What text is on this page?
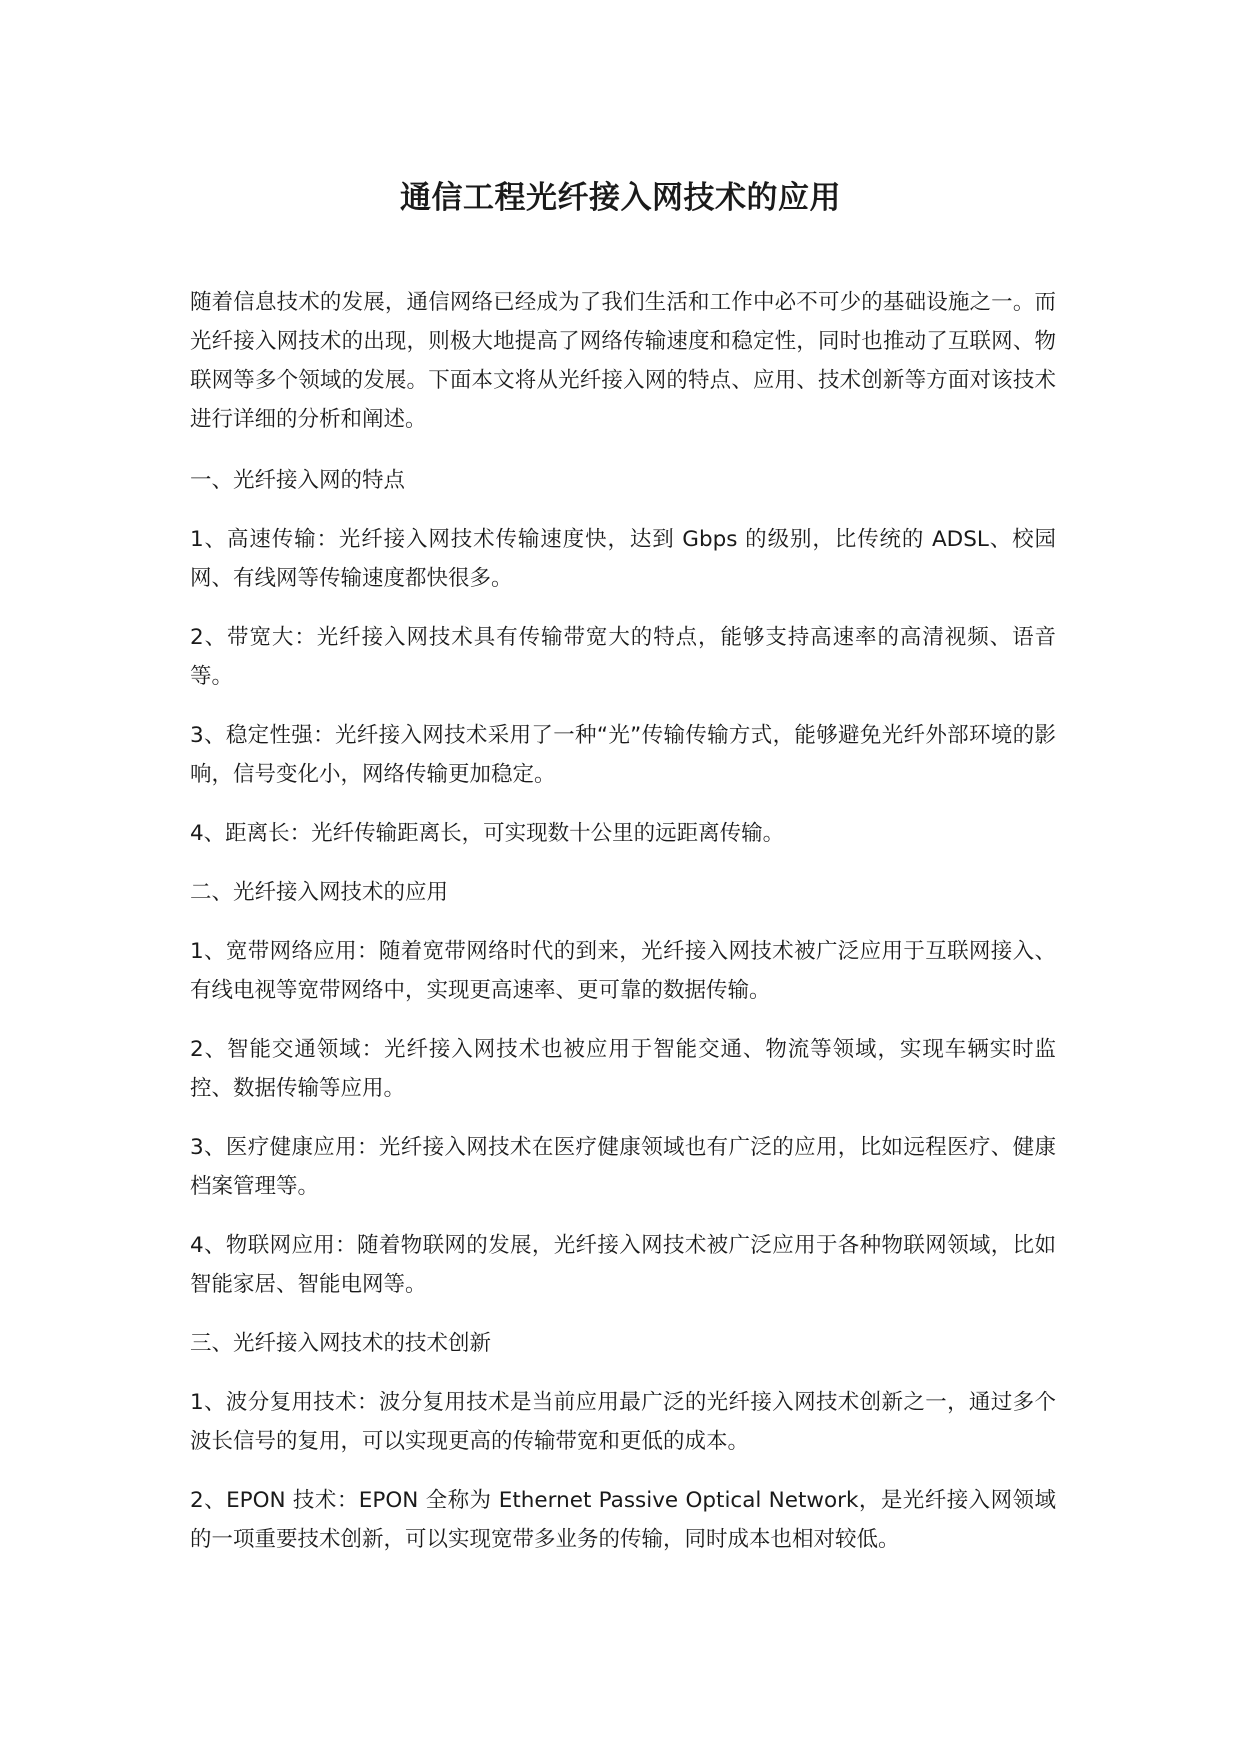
通信工程光纤接入网技术的应用

随着信息技术的发展，通信网络已经成为了我们生活和工作中必不可少的基础设施之一。而光纤接入网技术的出现，则极大地提高了网络传输速度和稳定性，同时也推动了互联网、物联网等多个领域的发展。下面本文将从光纤接入网的特点、应用、技术创新等方面对该技术进行详细的分析和阐述。

一、光纤接入网的特点

1、高速传输：光纤接入网技术传输速度快，达到 Gbps 的级别，比传统的 ADSL、校园网、有线网等传输速度都快很多。

2、带宽大：光纤接入网技术具有传输带宽大的特点，能够支持高速率的高清视频、语音等。

3、稳定性强：光纤接入网技术采用了一种“光”传输传输方式，能够避免光纤外部环境的影响，信号变化小，网络传输更加稳定。

4、距离长：光纤传输距离长，可实现数十公里的远距离传输。

二、光纤接入网技术的应用

1、宽带网络应用：随着宽带网络时代的到来，光纤接入网技术被广泛应用于互联网接入、有线电视等宽带网络中，实现更高速率、更可靠的数据传输。

2、智能交通领域：光纤接入网技术也被应用于智能交通、物流等领域，实现车辆实时监控、数据传输等应用。

3、医疗健康应用：光纤接入网技术在医疗健康领域也有广泛的应用，比如远程医疗、健康档案管理等。

4、物联网应用：随着物联网的发展，光纤接入网技术被广泛应用于各种物联网领域，比如智能家居、智能电网等。

三、光纤接入网技术的技术创新

1、波分复用技术：波分复用技术是当前应用最广泛的光纤接入网技术创新之一，通过多个波长信号的复用，可以实现更高的传输带宽和更低的成本。

2、EPON 技术：EPON 全称为 Ethernet Passive Optical Network，是光纤接入网领域的一项重要技术创新，可以实现宽带多业务的传输，同时成本也相对较低。
